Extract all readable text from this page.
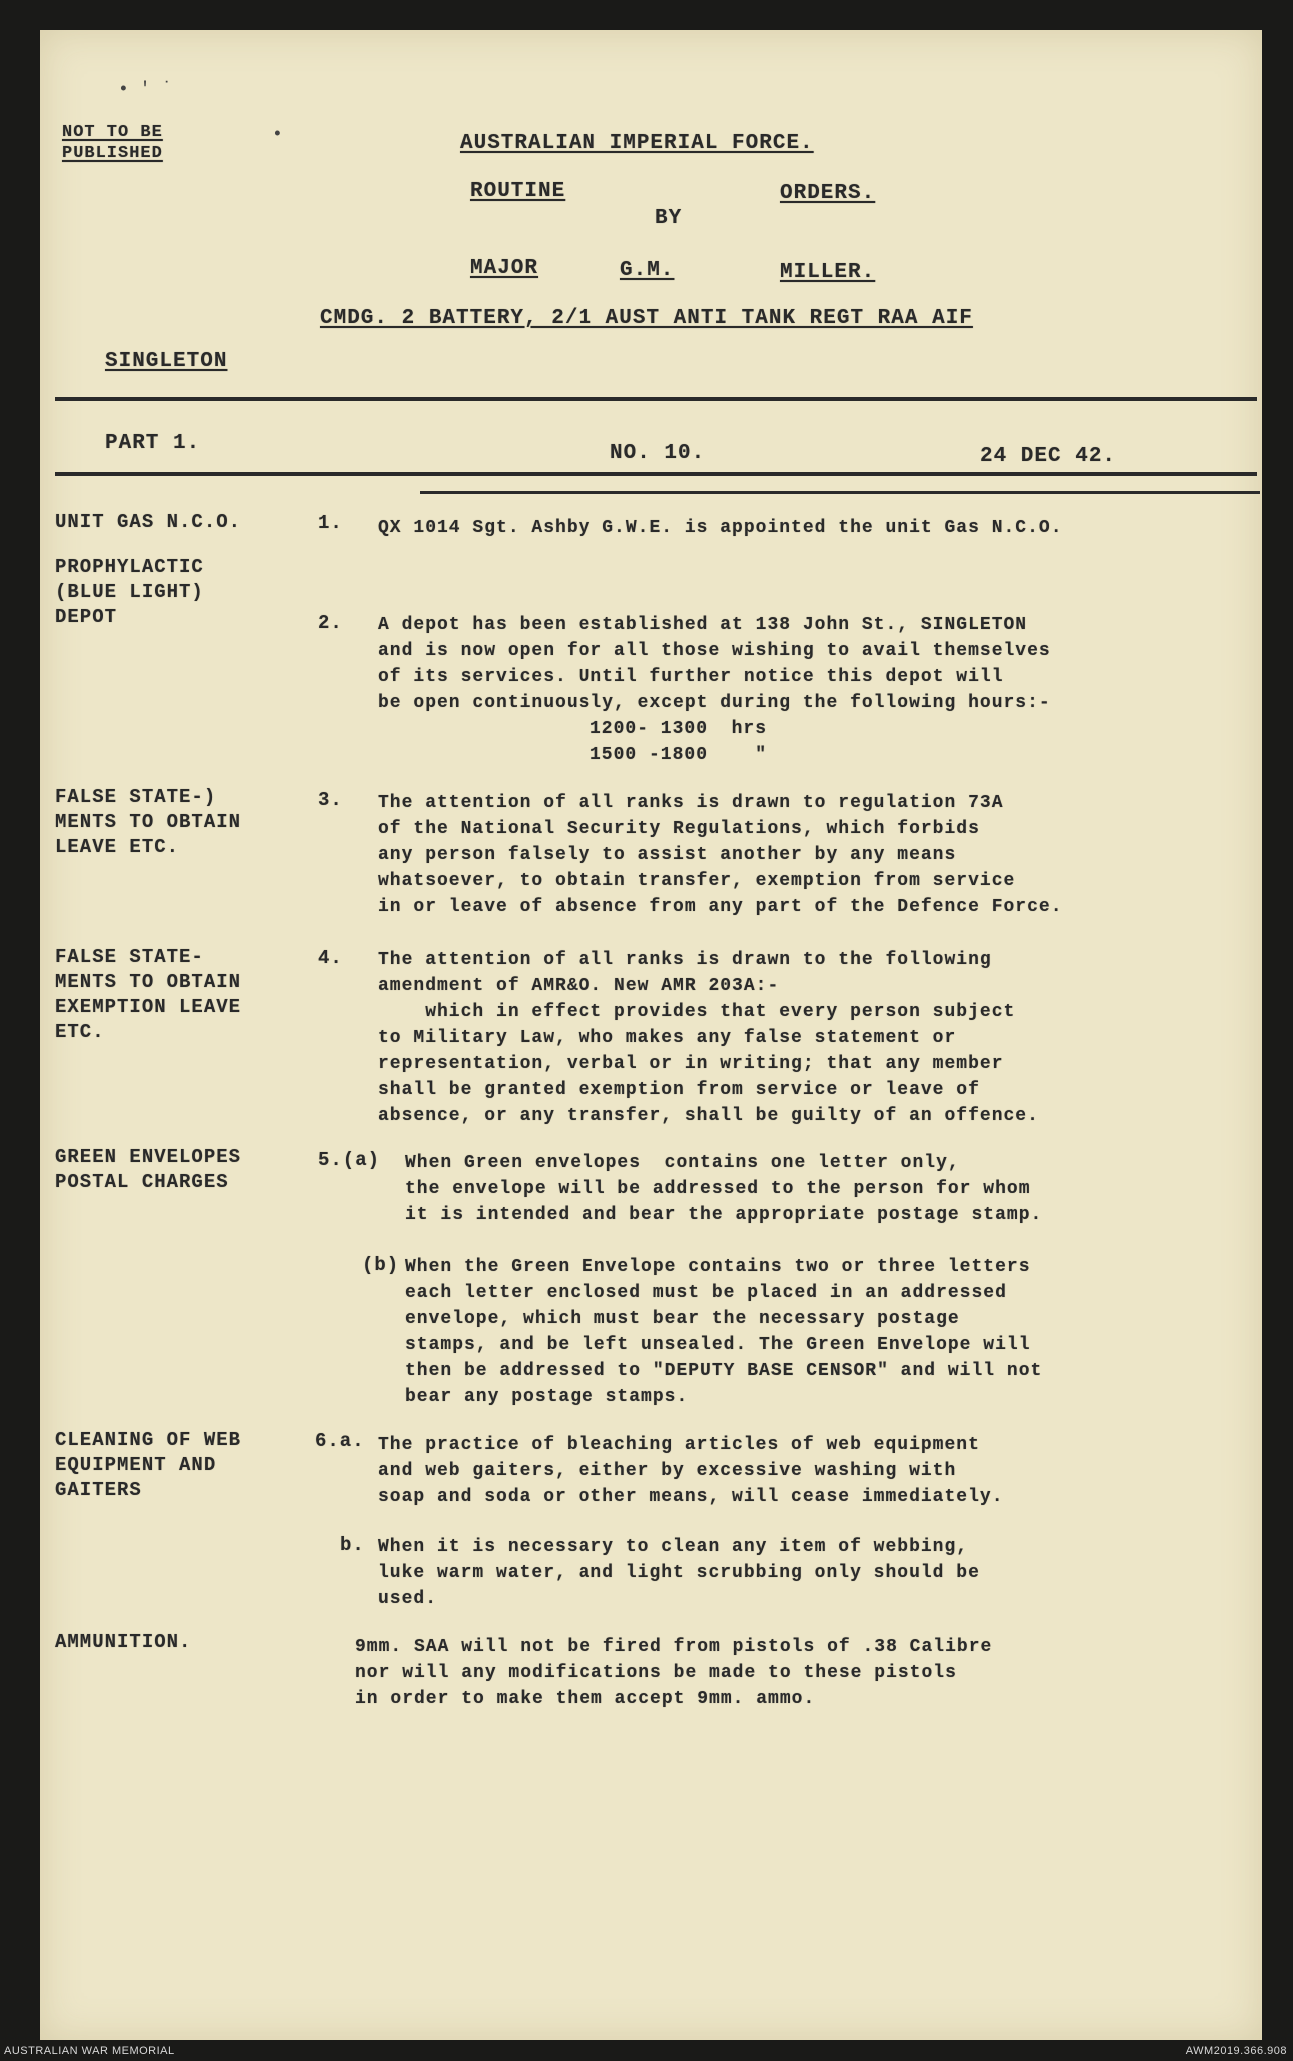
• ' ˙
•
NOT TO BE
PUBLISHED	AUSTRALIAN IMPERIAL FORCE.
ROUTINE	ORDERS.
BY
MAJOR	G.M.	MILLER.
CMDG. 2 BATTERY, 2/1 AUST ANTI TANK REGT RAA AIF
SINGLETON
PART 1.	NO. 10.	24 DEC 42.
UNIT GAS N.C.O.	1. QX 1014 Sgt. Ashby G.W.E. is appointed the unit Gas N.C.O.
PROPHYLACTIC
(BLUE LIGHT)
DEPOT	2. A depot has been established at 138 John St., SINGLETON
and is now open for all those wishing to avail themselves
of its services. Until further notice this depot will
be open continuously, except during the following hours:-
1200- 1300  hrs
1500 -1800    "
FALSE STATE-)
MENTS TO OBTAIN
LEAVE ETC.
3. The attention of all ranks is drawn to regulation 73A
of the National Security Regulations, which forbids
any person falsely to assist another by any means
whatsoever, to obtain transfer, exemption from service
in or leave of absence from any part of the Defence Force.
FALSE STATE-
MENTS TO OBTAIN
EXEMPTION LEAVE
ETC.
4. The attention of all ranks is drawn to the following
amendment of AMR&O. New AMR 203A:-
which in effect provides that every person subject
to Military Law, who makes any false statement or
representation, verbal or in writing; that any member
shall be granted exemption from service or leave of
absence, or any transfer, shall be guilty of an offence.
GREEN ENVELOPES
POSTAL CHARGES
5.(a) When Green envelopes  contains one letter only,
the envelope will be addressed to the person for whom
it is intended and bear the appropriate postage stamp.
(b) When the Green Envelope contains two or three letters
each letter enclosed must be placed in an addressed
envelope, which must bear the necessary postage
stamps, and be left unsealed. The Green Envelope will
then be addressed to "DEPUTY BASE CENSOR" and will not
bear any postage stamps.
CLEANING OF WEB
EQUIPMENT AND
GAITERS
6.a. The practice of bleaching articles of web equipment
and web gaiters, either by excessive washing with
soap and soda or other means, will cease immediately.
b. When it is necessary to clean any item of webbing,
luke warm water, and light scrubbing only should be
used.
AMMUNITION.	9mm. SAA will not be fired from pistols of .38 Calibre
nor will any modifications be made to these pistols
in order to make them accept 9mm. ammo.
AUSTRALIAN WAR MEMORIAL	AWM2019.366.908
